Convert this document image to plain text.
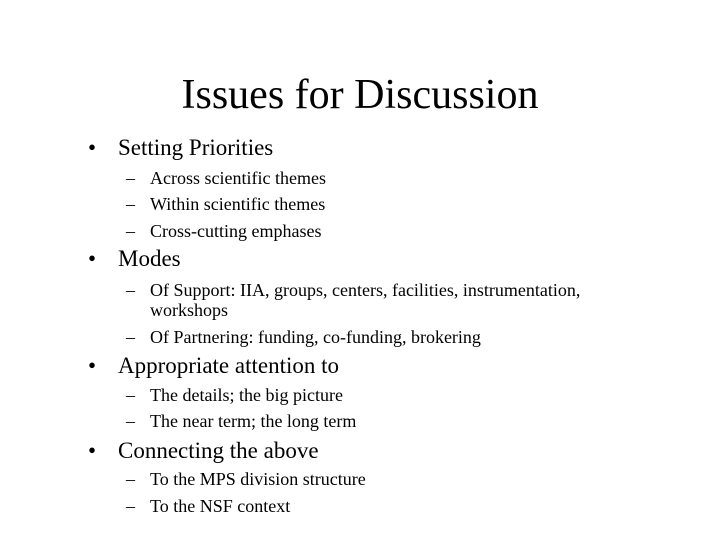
Issues for Discussion
• Setting Priorities
– Across scientific themes
– Within scientific themes
– Cross-cutting emphases
• Modes
– Of Support: IIA, groups, centers, facilities, instrumentation,
workshops
– Of Partnering: funding, co-funding, brokering
• Appropriate attention to
– The details; the big picture
– The near term; the long term
• Connecting the above
– To the MPS division structure
– To the NSF context
